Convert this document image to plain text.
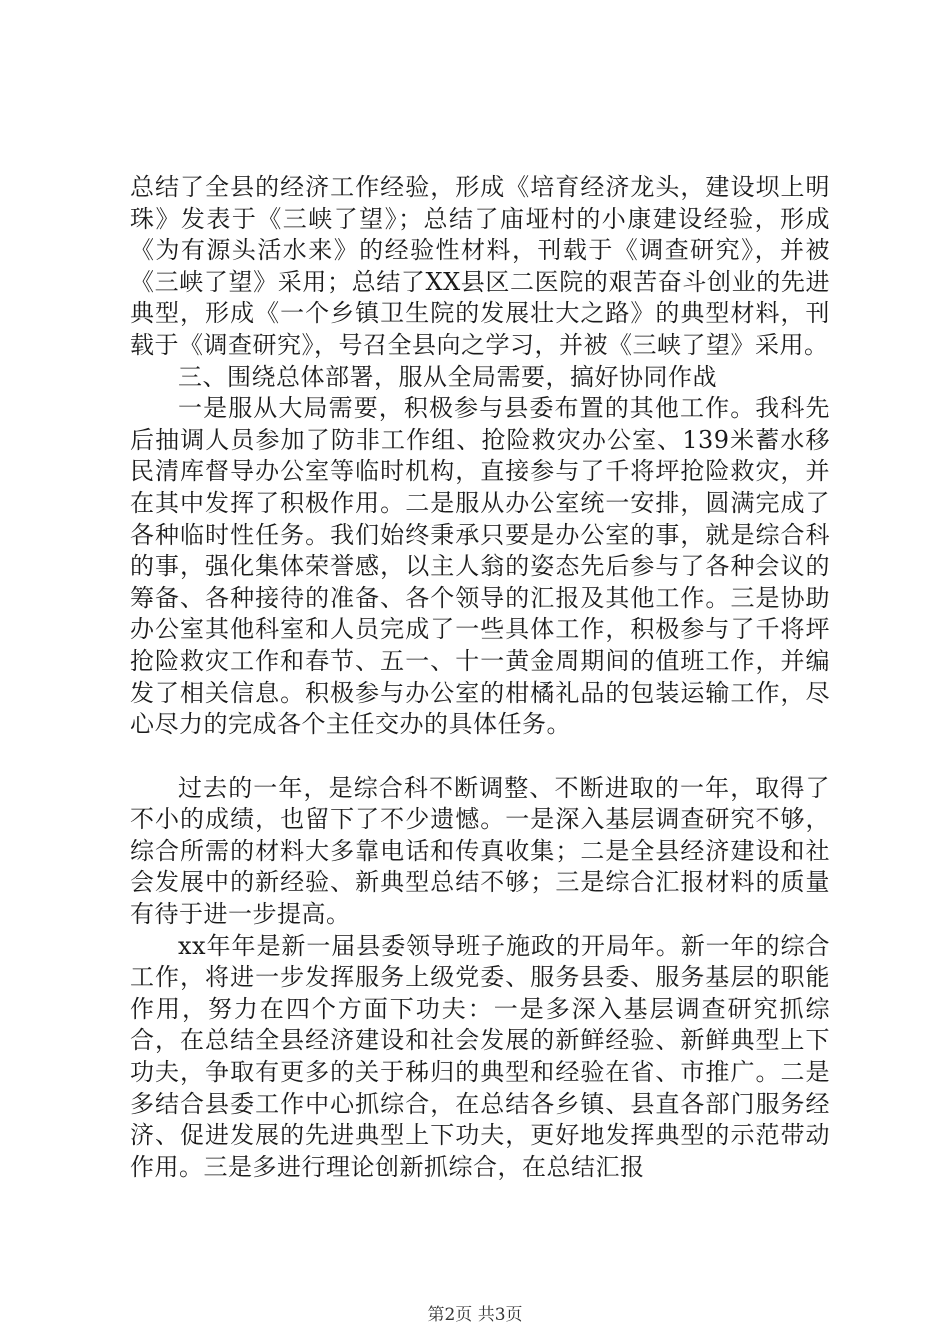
总结了全县的经济工作经验，形成《培育经济龙头，建设坝上明珠》发表于《三峡了望》；总结了庙垭村的小康建设经验，形成《为有源头活水来》的经验性材料，刊载于《调查研究》，并被《三峡了望》采用；总结了XX县区二医院的艰苦奋斗创业的先进典型，形成《一个乡镇卫生院的发展壮大之路》的典型材料，刊载于《调查研究》，号召全县向之学习，并被《三峡了望》采用。

三、围绕总体部署，服从全局需要，搞好协同作战

一是服从大局需要，积极参与县委布置的其他工作。我科先后抽调人员参加了防非工作组、抢险救灾办公室、139米蓄水移民清库督导办公室等临时机构，直接参与了千将坪抢险救灾，并在其中发挥了积极作用。二是服从办公室统一安排，圆满完成了各种临时性任务。我们始终秉承只要是办公室的事，就是综合科的事，强化集体荣誉感，以主人翁的姿态先后参与了各种会议的筹备、各种接待的准备、各个领导的汇报及其他工作。三是协助办公室其他科室和人员完成了一些具体工作，积极参与了千将坪抢险救灾工作和春节、五一、十一黄金周期间的值班工作，并编发了相关信息。积极参与办公室的柑橘礼品的包装运输工作，尽心尽力的完成各个主任交办的具体任务。

过去的一年，是综合科不断调整、不断进取的一年，取得了不小的成绩，也留下了不少遗憾。一是深入基层调查研究不够，综合所需的材料大多靠电话和传真收集；二是全县经济建设和社会发展中的新经验、新典型总结不够；三是综合汇报材料的质量有待于进一步提高。

xx年年是新一届县委领导班子施政的开局年。新一年的综合工作，将进一步发挥服务上级党委、服务县委、服务基层的职能作用，努力在四个方面下功夫：一是多深入基层调查研究抓综合，在总结全县经济建设和社会发展的新鲜经验、新鲜典型上下功夫，争取有更多的关于秭归的典型和经验在省、市推广。二是多结合县委工作中心抓综合，在总结各乡镇、县直各部门服务经济、促进发展的先进典型上下功夫，更好地发挥典型的示范带动作用。三是多进行理论创新抓综合，在总结汇报

第2页 共3页
